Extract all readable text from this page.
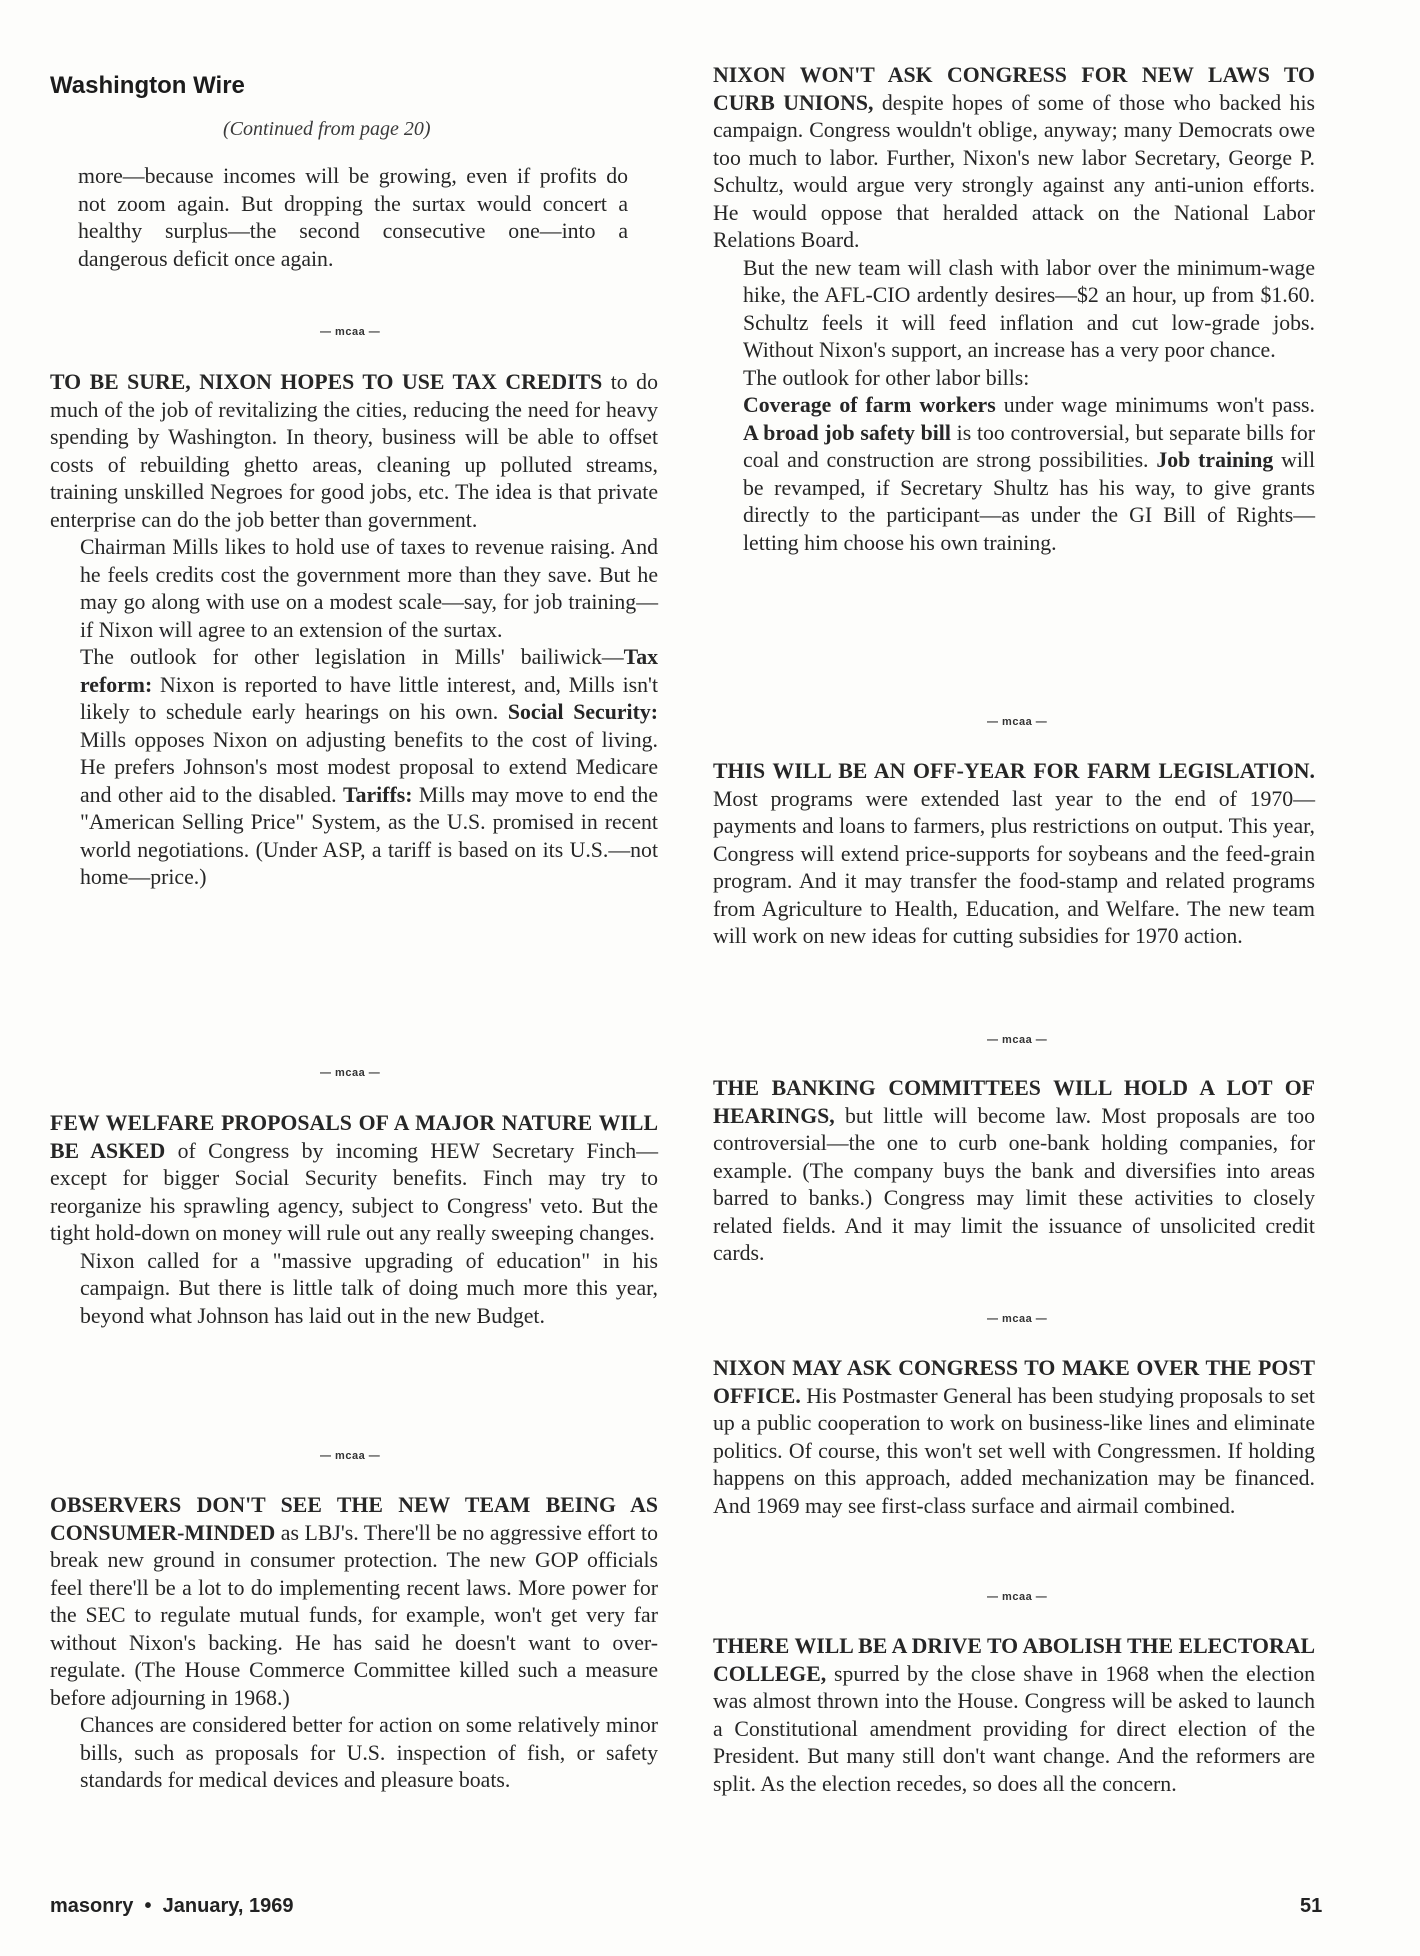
Washington Wire
(Continued from page 20)

more—because incomes will be growing, even if profits do not zoom again. But dropping the surtax would concert a healthy surplus—the second consecutive one—into a dangerous deficit once again.

— mcaa —

TO BE SURE, NIXON HOPES TO USE TAX CREDITS to do much of the job of revitalizing the cities, reducing the need for heavy spending by Washington. In theory, business will be able to offset costs of rebuilding ghetto areas, cleaning up polluted streams, training unskilled Negroes for good jobs, etc. The idea is that private enterprise can do the job better than government.

Chairman Mills likes to hold use of taxes to revenue raising. And he feels credits cost the government more than they save. But he may go along with use on a modest scale—say, for job training—if Nixon will agree to an extension of the surtax.

The outlook for other legislation in Mills' bailiwick—Tax reform: Nixon is reported to have little interest, and, Mills isn't likely to schedule early hearings on his own. Social Security: Mills opposes Nixon on adjusting benefits to the cost of living. He prefers Johnson's most modest proposal to extend Medicare and other aid to the disabled. Tariffs: Mills may move to end the "American Selling Price" System, as the U.S. promised in recent world negotiations. (Under ASP, a tariff is based on its U.S.—not home—price.)

— mcaa —

FEW WELFARE PROPOSALS OF A MAJOR NATURE WILL BE ASKED of Congress by incoming HEW Secretary Finch—except for bigger Social Security benefits. Finch may try to reorganize his sprawling agency, subject to Congress' veto. But the tight hold-down on money will rule out any really sweeping changes.

Nixon called for a "massive upgrading of education" in his campaign. But there is little talk of doing much more this year, beyond what Johnson has laid out in the new Budget.

— mcaa —

OBSERVERS DON'T SEE THE NEW TEAM BEING AS CONSUMER-MINDED as LBJ's. There'll be no aggressive effort to break new ground in consumer protection. The new GOP officials feel there'll be a lot to do implementing recent laws. More power for the SEC to regulate mutual funds, for example, won't get very far without Nixon's backing. He has said he doesn't want to over-regulate. (The House Commerce Committee killed such a measure before adjourning in 1968.)

Chances are considered better for action on some relatively minor bills, such as proposals for U.S. inspection of fish, or safety standards for medical devices and pleasure boats.

NIXON WON'T ASK CONGRESS FOR NEW LAWS TO CURB UNIONS, despite hopes of some of those who backed his campaign. Congress wouldn't oblige, anyway; many Democrats owe too much to labor. Further, Nixon's new labor Secretary, George P. Schultz, would argue very strongly against any anti-union efforts. He would oppose that heralded attack on the National Labor Relations Board.

But the new team will clash with labor over the minimum-wage hike, the AFL-CIO ardently desires—$2 an hour, up from $1.60. Schultz feels it will feed inflation and cut low-grade jobs. Without Nixon's support, an increase has a very poor chance.

The outlook for other labor bills:

Coverage of farm workers under wage minimums won't pass. A broad job safety bill is too controversial, but separate bills for coal and construction are strong possibilities. Job training will be revamped, if Secretary Shultz has his way, to give grants directly to the participant—as under the GI Bill of Rights—letting him choose his own training.

— mcaa —

THIS WILL BE AN OFF-YEAR FOR FARM LEGISLATION. Most programs were extended last year to the end of 1970—payments and loans to farmers, plus restrictions on output. This year, Congress will extend price-supports for soybeans and the feed-grain program. And it may transfer the food-stamp and related programs from Agriculture to Health, Education, and Welfare. The new team will work on new ideas for cutting subsidies for 1970 action.

— mcaa —

THE BANKING COMMITTEES WILL HOLD A LOT OF HEARINGS, but little will become law. Most proposals are too controversial—the one to curb one-bank holding companies, for example. (The company buys the bank and diversifies into areas barred to banks.) Congress may limit these activities to closely related fields. And it may limit the issuance of unsolicited credit cards.

— mcaa —

NIXON MAY ASK CONGRESS TO MAKE OVER THE POST OFFICE. His Postmaster General has been studying proposals to set up a public cooperation to work on business-like lines and eliminate politics. Of course, this won't set well with Congressmen. If holding happens on this approach, added mechanization may be financed. And 1969 may see first-class surface and airmail combined.

— mcaa —

THERE WILL BE A DRIVE TO ABOLISH THE ELECTORAL COLLEGE, spurred by the close shave in 1968 when the election was almost thrown into the House. Congress will be asked to launch a Constitutional amendment providing for direct election of the President. But many still don't want change. And the reformers are split. As the election recedes, so does all the concern.

masonry • January, 1969	51
